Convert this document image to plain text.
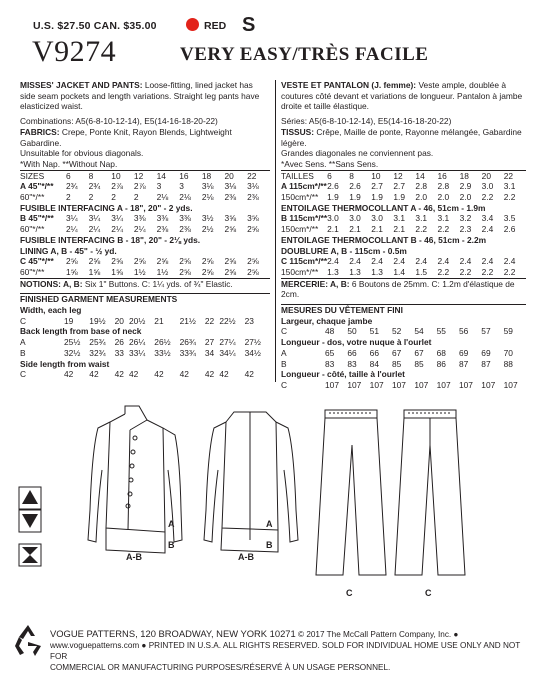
U.S. $27.50 CAN. $35.00	RED S
V9274	VERY EASY/TRÈS FACILE

MISSES' JACKET AND PANTS: Loose-fitting, lined jacket has side seam pockets and length variations. Straight leg pants have elasticized waist.

Combinations: A5(6-8-10-12-14), E5(14-16-18-20-22)

FABRICS: Crepe, Ponte Knit, Rayon Blends, Lightweight Gabardine.

Unsuitable for obvious diagonals.

*With Nap. **Without Nap.

SIZES	6	8	10	12	14	16	18	20	22
A 45"*/**	2¾	2¾	2⅞	2⅞	3	3	3⅛	3⅛	3⅛
60"*/**	2	2	2	2	2⅛	2⅛	2⅛	2⅜	2⅜
FUSIBLE INTERFACING A - 18", 20" - 2 yds.									
B 45"*/**	3¼	3¼	3¼	3⅜	3⅜	3⅜	3½	3⅝	3⅝
60"*/**	2¼	2¼	2¼	2¼	2⅜	2⅜	2½	2⅝	2⅝
FUSIBLE INTERFACING B - 18", 20" - 2⅛ yds.									
LINING A, B - 45" - ½ yd.									
C 45"*/**	2⅝	2⅝	2⅝	2⅝	2⅝	2⅝	2⅝	2⅝	2⅝
60"*/**	1⅝	1⅝	1⅝	1½	1½	2⅝	2⅝	2⅝	2⅝

NOTIONS: A, B: Six 1" Buttons. C: 1¼ yds. of ¾" Elastic.

FINISHED GARMENT MEASUREMENTS

Width, each leg									
C	19	19½	20	20½	21	21½	22	22½	23
Back length from base of neck									
A	25½	25¾	26	26¼	26½	26¾	27	27¼	27½
B	32½	32¾	33	33¼	33½	33¾	34	34¼	34½
Side length from waist									
C	42	42	42	42	42	42	42	42	42

VESTE ET PANTALON (J. femme): Veste ample, doublée à coutures côté devant et variations de longueur. Pantalon à jambe droite et taille élastique.

Séries: A5(6-8-10-12-14), E5(14-16-18-20-22)

TISSUS: Crêpe, Maille de ponte, Rayonne mélangée, Gabardine légère.

Grandes diagonales ne conviennent pas.

*Avec Sens. **Sans Sens.

TAILLES	6	8	10	12	14	16	18	20	22
A 115cm*/**	2.6	2.6	2.7	2.7	2.8	2.8	2.9	3.0	3.1
150cm*/**	1.9	1.9	1.9	1.9	2.0	2.0	2.0	2.2	2.2
ENTOILAGE THERMOCOLLANT A - 46, 51cm - 1.9m									
B 115cm*/**	3.0	3.0	3.0	3.1	3.1	3.1	3.2	3.4	3.5
150cm*/**	2.1	2.1	2.1	2.1	2.2	2.2	2.3	2.4	2.6
ENTOILAGE THERMOCOLLANT B - 46, 51cm - 2.2m									
DOUBLURE A, B - 115cm - 0.5m									
C 115cm*/**	2.4	2.4	2.4	2.4	2.4	2.4	2.4	2.4	2.4
150cm*/**	1.3	1.3	1.3	1.4	1.5	2.2	2.2	2.2	2.2

MERCERIE: A, B: 6 Boutons de 25mm. C: 1.2m d'élastique de 2cm.

MESURES DU VÊTEMENT FINI

Largeur, chaque jambe									
C	48	50	51	52	54	55	56	57	59
Longueur - dos, votre nuque à l'ourlet									
A	65	66	66	67	67	68	69	69	70
B	83	83	84	85	85	86	87	87	88
Longueur - côté, taille à l'ourlet									
C	107	107	107	107	107	107	107	107	107
A
B
A-B
A
B
A-B
C	C
VOGUE PATTERNS, 120 BROADWAY, NEW YORK 10271 © 2017 The McCall Pattern Company, Inc. ●
www.voguepatterns.com ● PRINTED IN U.S.A. ALL RIGHTS RESERVED. SOLD FOR INDIVIDUAL HOME USE ONLY AND NOT FOR
COMMERCIAL OR MANUFACTURING PURPOSES/RÉSERVÉ À UN USAGE PERSONNEL.
